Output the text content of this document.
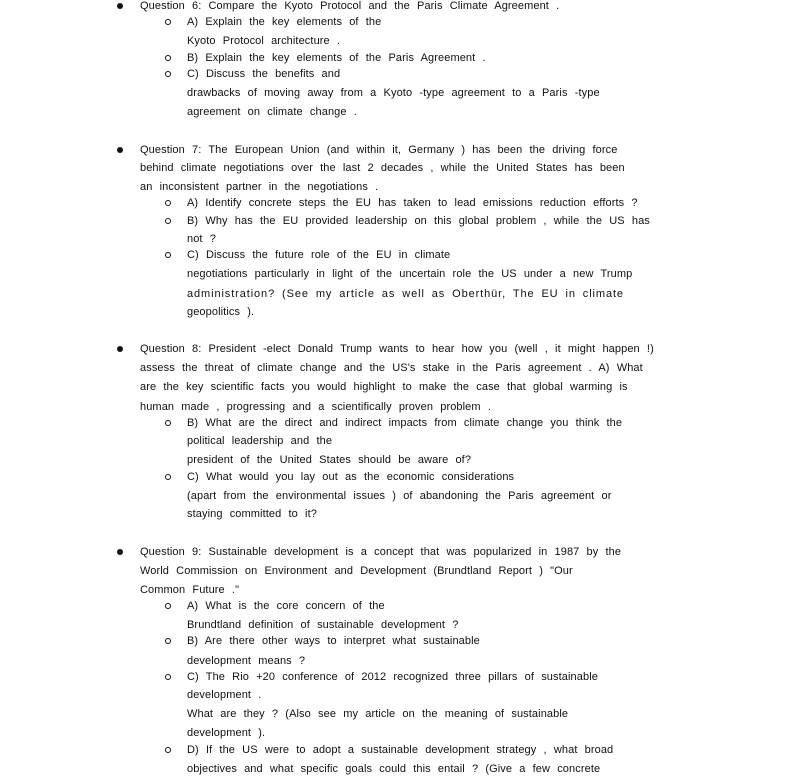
Question 6: Compare the Kyoto Protocol and the Paris Climate Agreement .
A) Explain the key elements of the
Kyoto Protocol architecture .
B) Explain the key elements of the Paris Agreement .
C) Discuss the benefits and
drawbacks of moving away from a Kyoto -type agreement to a Paris -type
agreement on climate change .
Question 7: The European Union (and within it, Germany ) has been the driving force
behind climate negotiations over the last 2 decades , while the United States has been
an inconsistent partner in the negotiations .
A) Identify concrete steps the EU has taken to lead emissions reduction efforts ?
B) Why has the EU provided leadership on this global problem , while the US has
not ?
C) Discuss the future role of the EU in climate
negotiations particularly in light of the uncertain role the US under a new Trump
administration? (See my article as well as Oberthür, The EU in climate
geopolitics ).
Question 8: President -elect Donald Trump wants to hear how you (well , it might happen !)
assess the threat of climate change and the US's stake in the Paris agreement . A) What
are the key scientific facts you would highlight to make the case that global warming is
human made , progressing and a scientifically proven problem .
B) What are the direct and indirect impacts from climate change you think the
political leadership and the
president of the United States should be aware of?
C) What would you lay out as the economic considerations
(apart from the environmental issues ) of abandoning the Paris agreement or
staying committed to it?
Question 9: Sustainable development is a concept that was popularized in 1987 by the
World Commission on Environment and Development (Brundtland Report ) "Our
Common Future ."
A) What is the core concern of the
Brundtland definition of sustainable development ?
B) Are there other ways to interpret what sustainable
development means ?
C) The Rio +20 conference of 2012 recognized three pillars of sustainable
development .
What are they ? (Also see my article on the meaning of sustainable
development ).
D) If the US were to adopt a sustainable development strategy , what broad
objectives and what specific goals could this entail ? (Give a few concrete
